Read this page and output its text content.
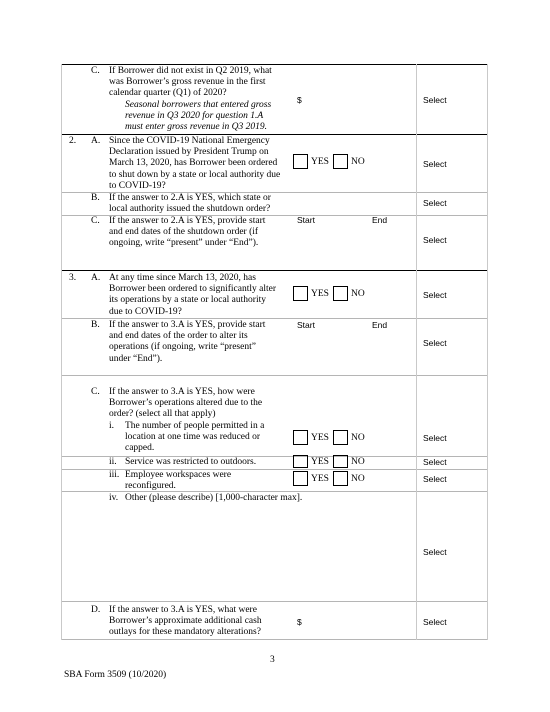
C. If Borrower did not exist in Q2 2019, what
was Borrower’s gross revenue in the first
calendar quarter (Q1) of 2020?
Seasonal borrowers that entered gross
revenue in Q3 2020 for question 1.A
must enter gross revenue in Q3 2019.
$	Select
2. A. Since the COVID-19 National Emergency
Declaration issued by President Trump on
March 13, 2020, has Borrower been ordered
to shut down by a state or local authority due
to COVID-19?
YES NO	Select
B. If the answer to 2.A is YES, which state or
local authority issued the shutdown order?
Select
C. If the answer to 2.A is YES, provide start
and end dates of the shutdown order (if
ongoing, write “present” under “End”).
Start	End
Select
3. A. At any time since March 13, 2020, has
Borrower been ordered to significantly alter
its operations by a state or local authority
due to COVID-19?
YES NO	Select
B. If the answer to 3.A is YES, provide start
and end dates of the order to alter its
operations (if ongoing, write “present”
under “End”).
Start	End
Select
C. If the answer to 3.A is YES, how were
Borrower’s operations altered due to the
order? (select all that apply)
i. The number of people permitted in a
location at one time was reduced or
capped.
YES NO	Select
ii. Service was restricted to outdoors.	YES NO	Select
iii. Employee workspaces were
reconfigured.
YES NO	Select
iv. Other (please describe) [1,000-character max].
Select
D. If the answer to 3.A is YES, what were
Borrower’s approximate additional cash
outlays for these mandatory alterations?
$	Select
3
SBA Form 3509 (10/2020)
